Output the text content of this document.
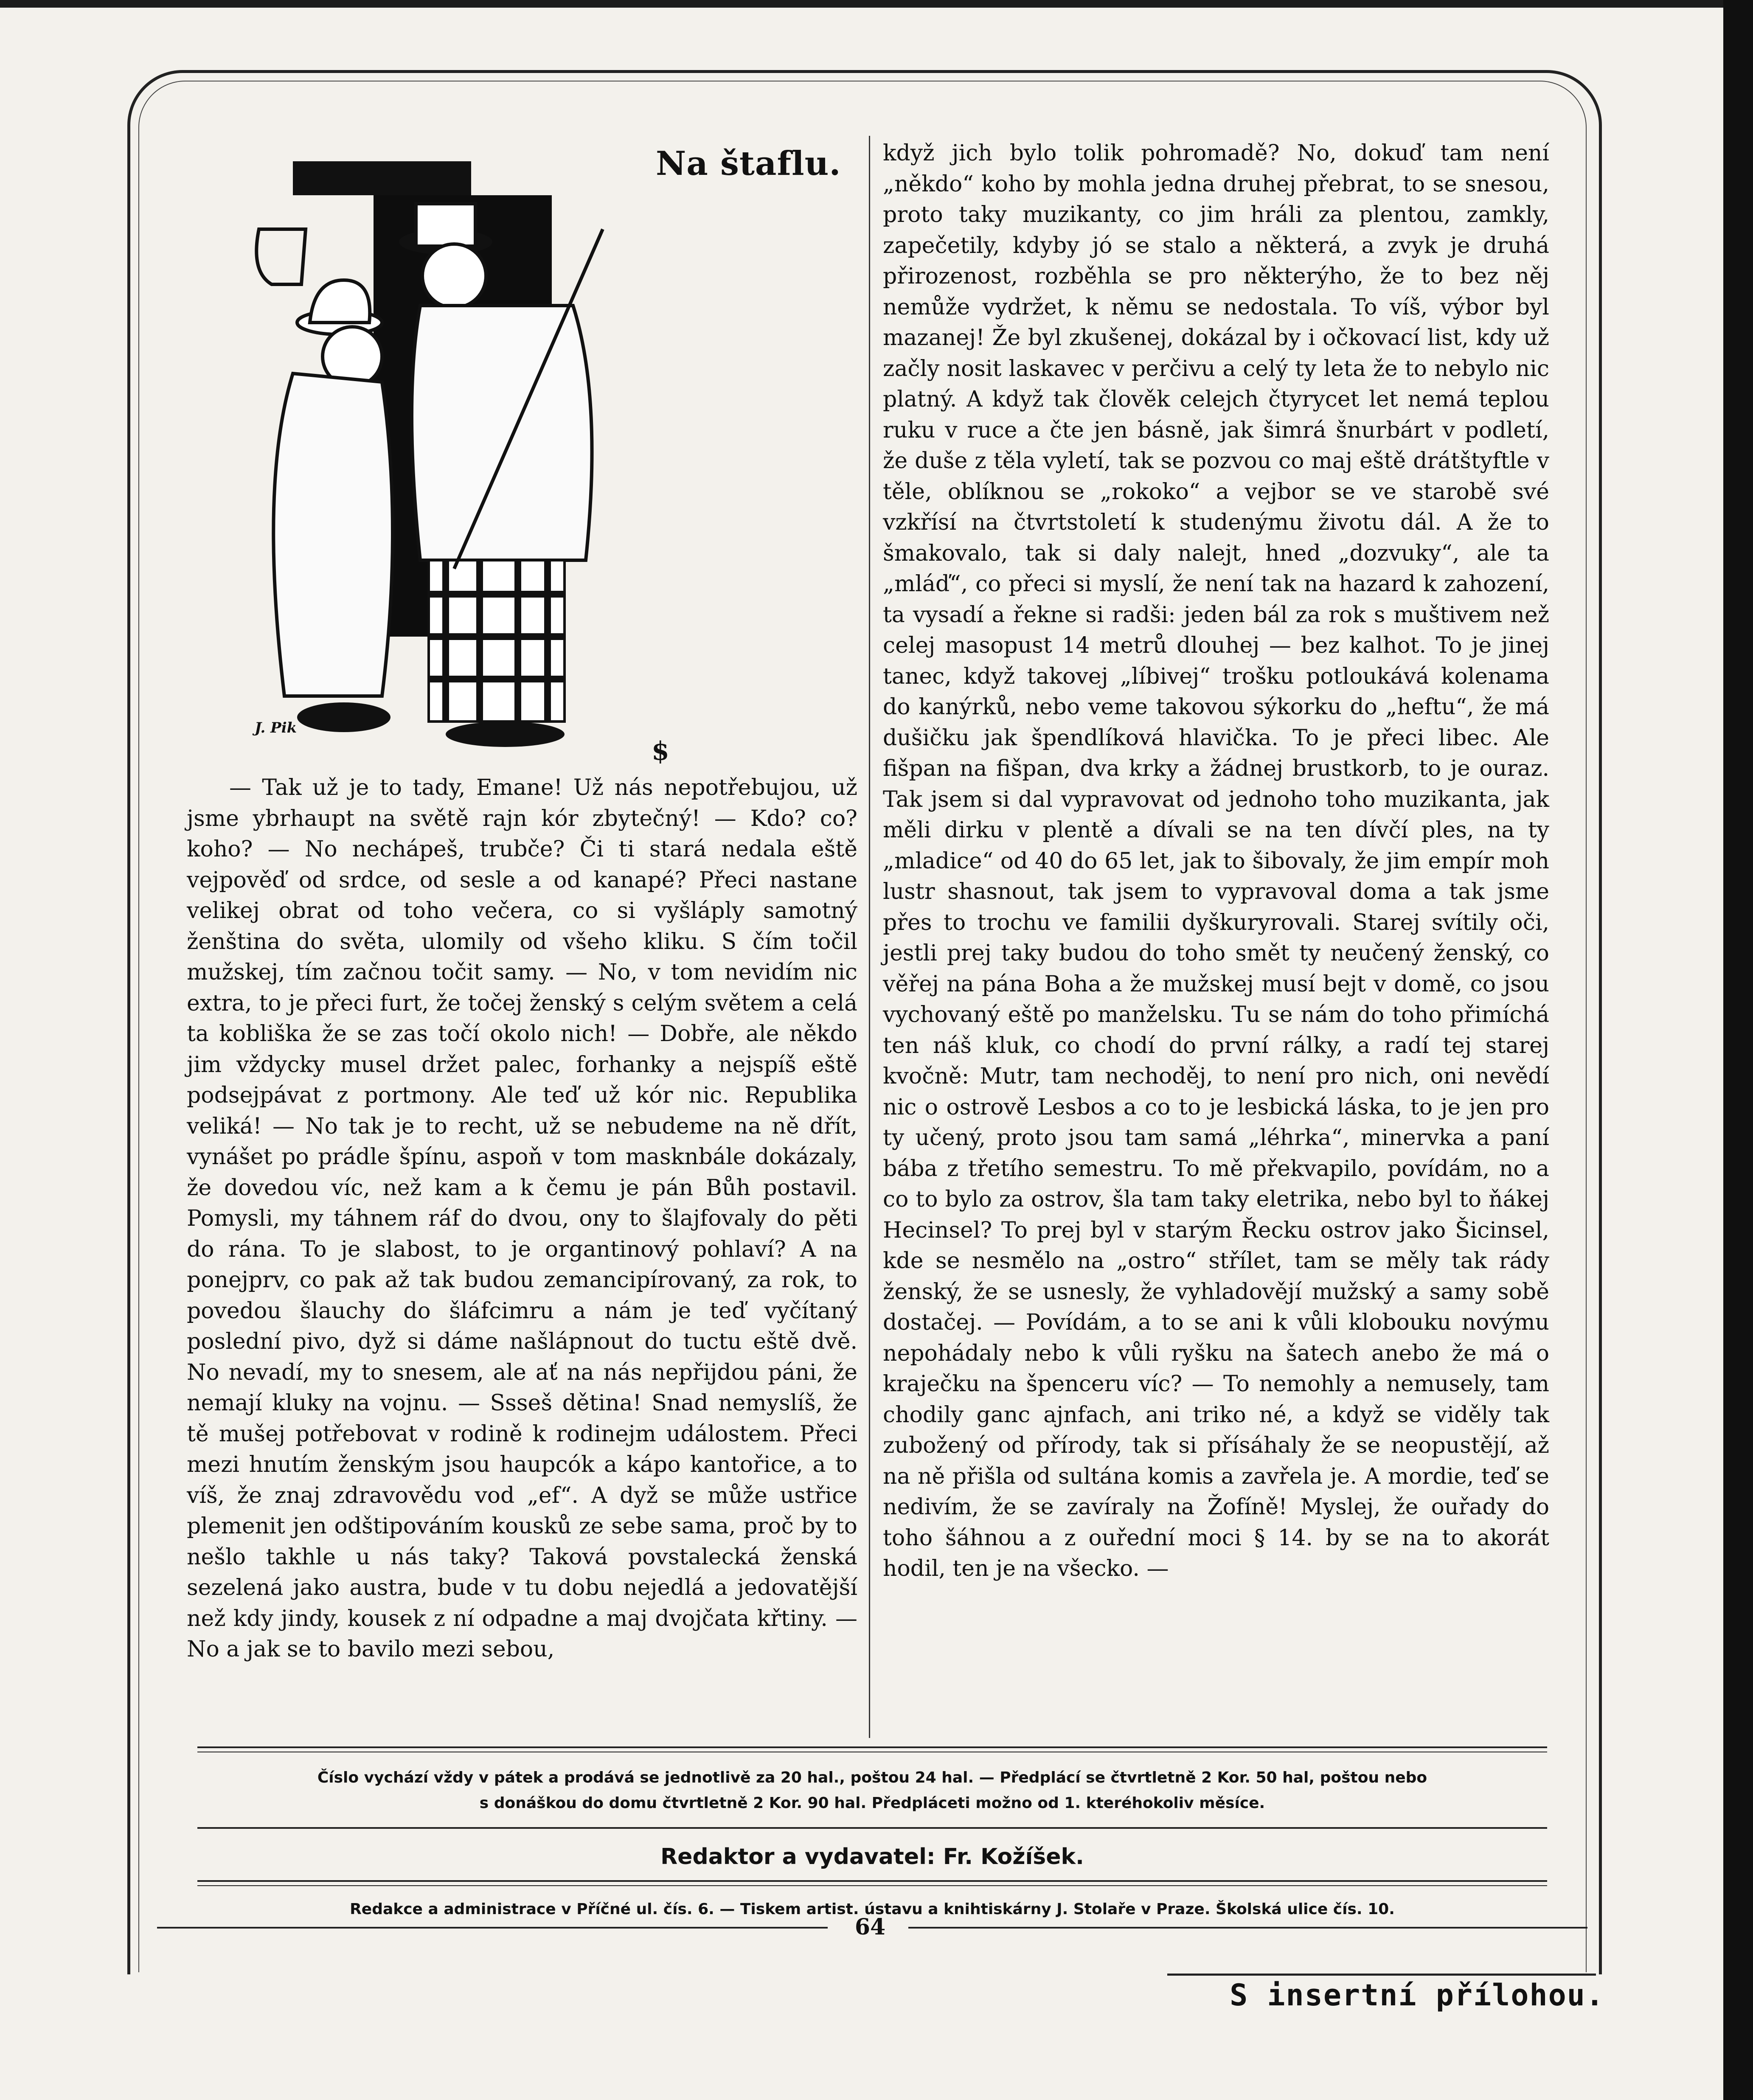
Na štaflu.
J. Pik
$

— Tak už je to tady, Emane! Už nás nepotřebujou, už jsme ybrhaupt na světě rajn kór zbytečný! — Kdo? co? koho? — No nechápeš, trubče? Či ti stará nedala eště vejpověď od srdce, od sesle a od kanapé? Přeci nastane velikej obrat od toho večera, co si vyšláply samotný ženština do světa, ulomily od všeho kliku. S čím točil mužskej, tím začnou točit samy. — No, v tom nevidím nic extra, to je přeci furt, že točej ženský s celým světem a celá ta kobliška že se zas točí okolo nich! — Dobře, ale někdo jim vždycky musel držet palec, forhanky a nejspíš eště podsejpávat z portmony. Ale teď už kór nic. Republika veliká! — No tak je to recht, už se nebudeme na ně dřít, vynášet po prádle špínu, aspoň v tom masknbále dokázaly, že dovedou víc, než kam a k čemu je pán Bůh postavil. Pomysli, my táhnem ráf do dvou, ony to šlajfovaly do pěti do rána. To je slabost, to je organtinový pohlaví? A na ponejprv, co pak až tak budou zemancipírovaný, za rok, to povedou šlauchy do šláfcimru a nám je teď vyčítaný poslední pivo, dyž si dáme našlápnout do tuctu eště dvě. No nevadí, my to snesem, ale ať na nás nepřijdou páni, že nemají kluky na vojnu. — Ssseš dětina! Snad nemyslíš, že tě mušej potřebovat v rodině k rodinejm událostem. Přeci mezi hnutím ženským jsou haupcók a kápo kantořice, a to víš, že znaj zdravovědu vod „ef“. A dyž se může ustřice plemenit jen odštipováním kousků ze sebe sama, proč by to nešlo takhle u nás taky? Taková povstalecká ženská sezelená jako austra, bude v tu dobu nejedlá a jedovatější než kdy jindy, kousek z ní odpadne a maj dvojčata křtiny. — No a jak se to bavilo mezi sebou,

když jich bylo tolik pohromadě? No, dokuď tam není „někdo“ koho by mohla jedna druhej přebrat, to se snesou, proto taky muzikanty, co jim hráli za plentou, zamkly, zapečetily, kdyby jó se stalo a některá, a zvyk je druhá přirozenost, rozběhla se pro některýho, že to bez něj nemůže vydržet, k němu se nedostala. To víš, výbor byl mazanej! Že byl zkušenej, dokázal by i očkovací list, kdy už začly nosit laskavec v perčivu a celý ty leta že to nebylo nic platný. A když tak člověk celejch čtyrycet let nemá teplou ruku v ruce a čte jen básně, jak šimrá šnurbárt v podletí, že duše z těla vyletí, tak se pozvou co maj eště drátštyftle v těle, oblíknou se „rokoko“ a vejbor se ve starobě své vzkřísí na čtvrtstoletí k studenýmu životu dál. A že to šmakovalo, tak si daly nalejt, hned „dozvuky“, ale ta „mláď“, co přeci si myslí, že není tak na hazard k zahození, ta vysadí a řekne si radši: jeden bál za rok s muštivem než celej masopust 14 metrů dlouhej — bez kalhot. To je jinej tanec, když takovej „líbivej“ trošku potloukává kolenama do kanýrků, nebo veme takovou sýkorku do „heftu“, že má dušičku jak špendlíková hlavička. To je přeci libec. Ale fišpan na fišpan, dva krky a žádnej brustkorb, to je ouraz. Tak jsem si dal vypravovat od jednoho toho muzikanta, jak měli dirku v plentě a dívali se na ten dívčí ples, na ty „mladice“ od 40 do 65 let, jak to šibovaly, že jim empír moh lustr shasnout, tak jsem to vypravoval doma a tak jsme přes to trochu ve familii dyškuryrovali. Starej svítily oči, jestli prej taky budou do toho smět ty neučený ženský, co věřej na pána Boha a že mužskej musí bejt v domě, co jsou vychovaný eště po manželsku. Tu se nám do toho přimíchá ten náš kluk, co chodí do první rálky, a radí tej starej kvočně: Mutr, tam nechoděj, to není pro nich, oni nevědí nic o ostrově Lesbos a co to je lesbická láska, to je jen pro ty učený, proto jsou tam samá „léhrka“, minervka a paní bába z třetího semestru. To mě překvapilo, povídám, no a co to bylo za ostrov, šla tam taky eletrika, nebo byl to ňákej Hecinsel? To prej byl v starým Řecku ostrov jako Šicinsel, kde se nesmělo na „ostro“ střílet, tam se měly tak rády ženský, že se usnesly, že vyhladovějí mužský a samy sobě dostačej. — Povídám, a to se ani k vůli klobouku novýmu nepohádaly nebo k vůli ryšku na šatech anebo že má o kraječku na špenceru víc? — To nemohly a nemusely, tam chodily ganc ajnfach, ani triko né, a když se viděly tak zubožený od přírody, tak si přísáhaly že se neopustějí, až na ně přišla od sultána komis a zavřela je. A mordie, teď se nedivím, že se zavíraly na Žofíně! Myslej, že ouřady do toho šáhnou a z ouřední moci § 14. by se na to akorát hodil, ten je na všecko. —

Číslo vychází vždy v pátek a prodává se jednotlivě za 20 hal., poštou 24 hal. — Předplácí se čtvrtletně 2 Kor. 50 hal, poštou nebo
s donáškou do domu čtvrtletně 2 Kor. 90 hal. Předpláceti možno od 1. kteréhokoliv měsíce.
Redaktor a vydavatel: Fr. Kožíšek.
Redakce a administrace v Příčné ul. čís. 6. — Tiskem artist. ústavu a knihtiskárny J. Stolaře v Praze. Školská ulice čís. 10.
64
S insertní přílohou.
